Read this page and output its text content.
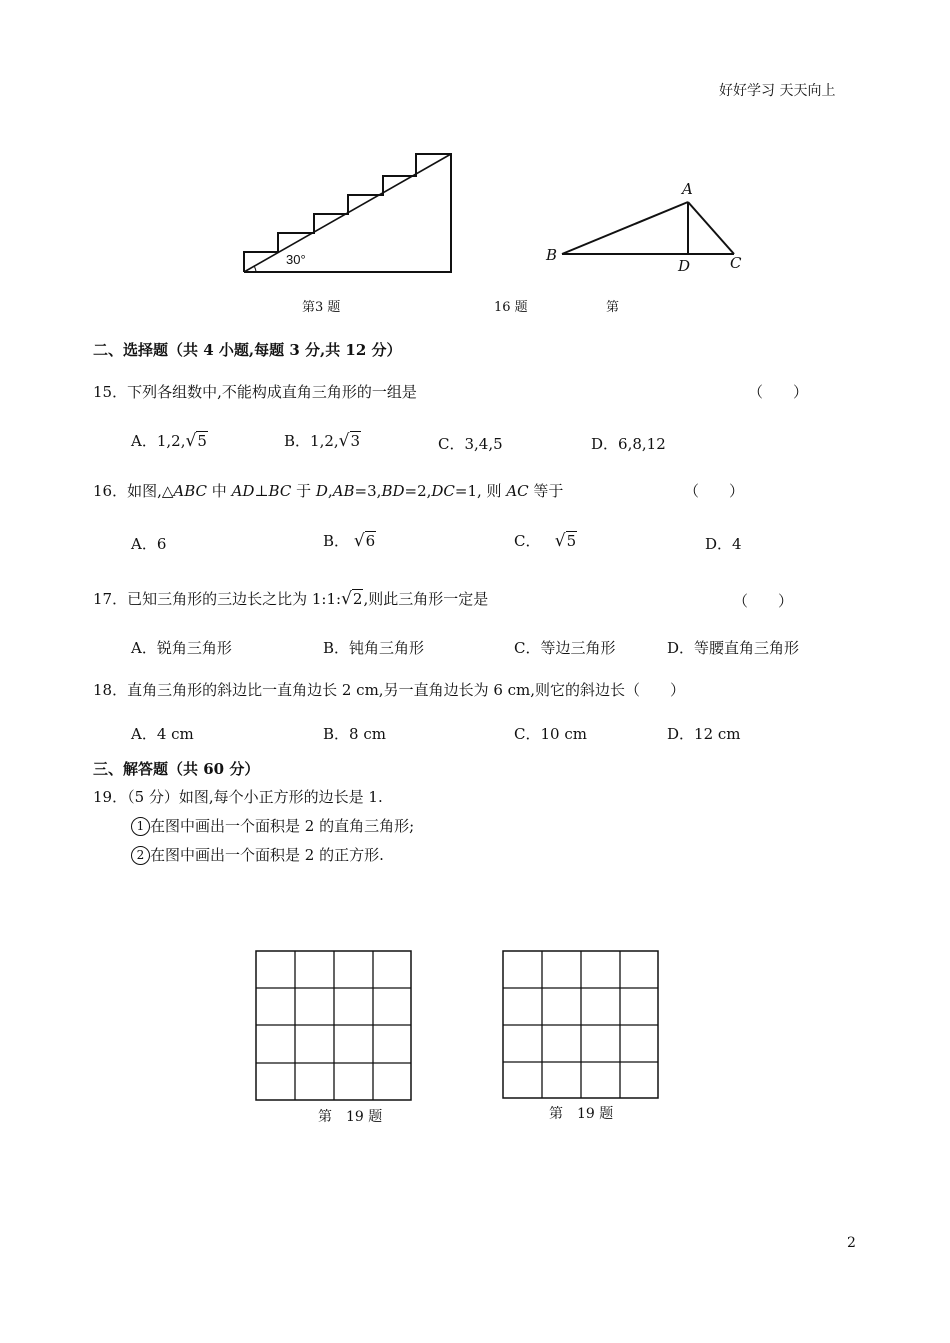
好好学习 天天向上
30°
第3 题
A
B
D	C
16 题	第
二、选择题（共 4 小题,每题 3 分,共 12 分）
15．下列各组数中,不能构成直角三角形的一组是	（　　）
A．1,2,√5	B．1,2,√3	C．3,4,5	D．6,8,12
16．如图,△ABC 中 AD⊥BC 于 D,AB=3,BD=2,DC=1, 则 AC 等于	（　　）
A．6	B． √6	C． √5	D．4
17．已知三角形的三边长之比为 1:1:√2,则此三角形一定是	（　　）
A．锐角三角形	B．钝角三角形	C．等边三角形	D．等腰直角三角形
18．直角三角形的斜边比一直角边长 2 cm,另一直角边长为 6 cm,则它的斜边长（　　）
A．4 cm	B．8 cm	C．10 cm	D．12 cm
三、解答题（共 60 分）
19．（5 分）如图,每个小正方形的边长是 1.
1 在图中画出一个面积是 2 的直角三角形;
2 在图中画出一个面积是 2 的正方形.
第　19 题	第　19 题
2
